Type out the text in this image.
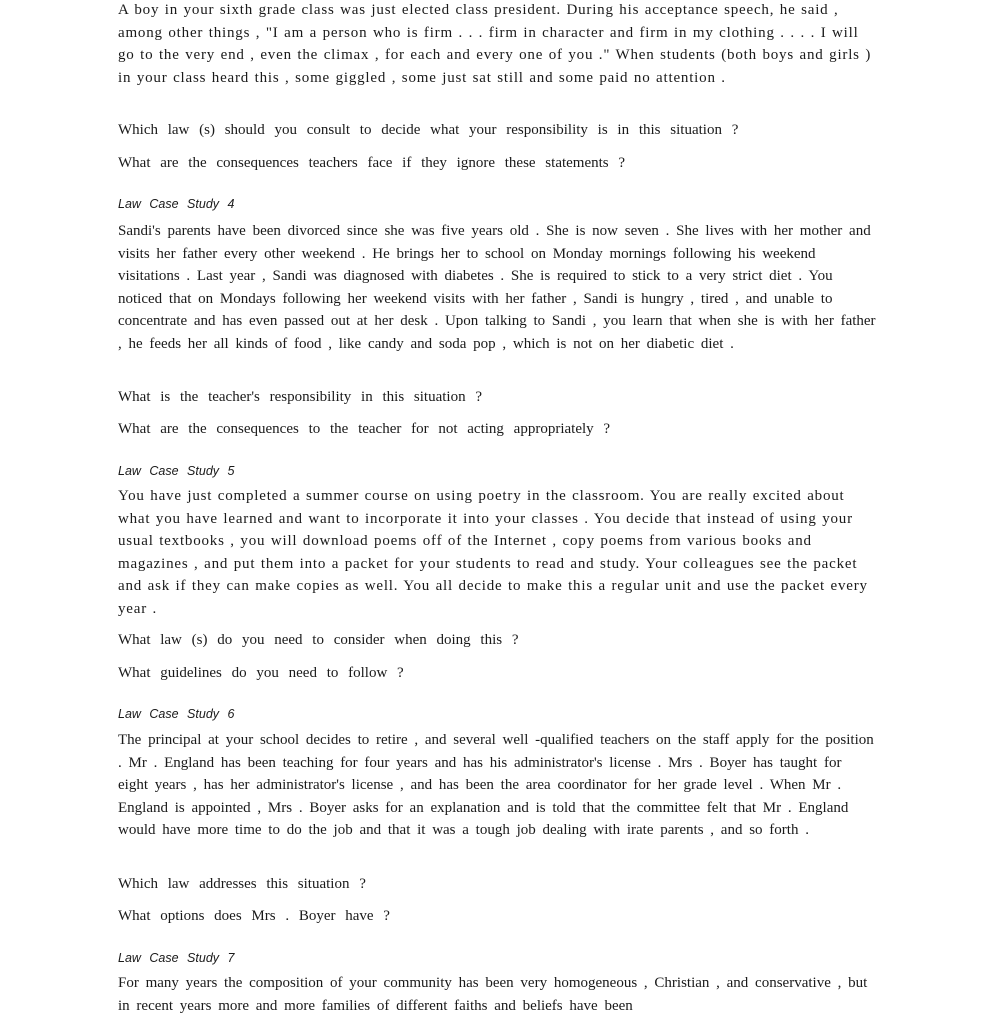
A boy in your sixth grade class was just elected class president. During his acceptance speech, he said , among other things , "I am a person who is firm . . . firm in character and firm in my clothing . . . . I will go to the very end , even the climax , for each and every one of you ." When students (both boys and girls ) in your class heard this , some giggled , some just sat still and some paid no attention .

Which law (s) should you consult to decide what your responsibility is in this situation ?

What are the consequences teachers face if they ignore these statements ?

Law Case Study 4

Sandi's parents have been divorced since she was five years old . She is now seven . She lives with her mother and visits her father every other weekend . He brings her to school on Monday mornings following his weekend visitations . Last year , Sandi was diagnosed with diabetes . She is required to stick to a very strict diet . You noticed that on Mondays following her weekend visits with her father , Sandi is hungry , tired , and unable to concentrate and has even passed out at her desk . Upon talking to Sandi , you learn that when she is with her father , he feeds her all kinds of food , like candy and soda pop , which is not on her diabetic diet .

What is the teacher's responsibility in this situation ?

What are the consequences to the teacher for not acting appropriately ?

Law Case Study 5

You have just completed a summer course on using poetry in the classroom. You are really excited about what you have learned and want to incorporate it into your classes . You decide that instead of using your usual textbooks , you will download poems off of the Internet , copy poems from various books and magazines , and put them into a packet for your students to read and study. Your colleagues see the packet and ask if they can make copies as well. You all decide to make this a regular unit and use the packet every year .

What law (s) do you need to consider when doing this ?

What guidelines do you need to follow ?

Law Case Study 6

The principal at your school decides to retire , and several well -qualified teachers on the staff apply for the position . Mr . England has been teaching for four years and has his administrator's license . Mrs . Boyer has taught for eight years , has her administrator's license , and has been the area coordinator for her grade level . When Mr . England is appointed , Mrs . Boyer asks for an explanation and is told that the committee felt that Mr . England would have more time to do the job and that it was a tough job dealing with irate parents , and so forth .

Which law addresses this situation ?

What options does Mrs . Boyer have ?

Law Case Study 7

For many years the composition of your community has been very homogeneous , Christian , and conservative , but in recent years more and more families of different faiths and beliefs have been
